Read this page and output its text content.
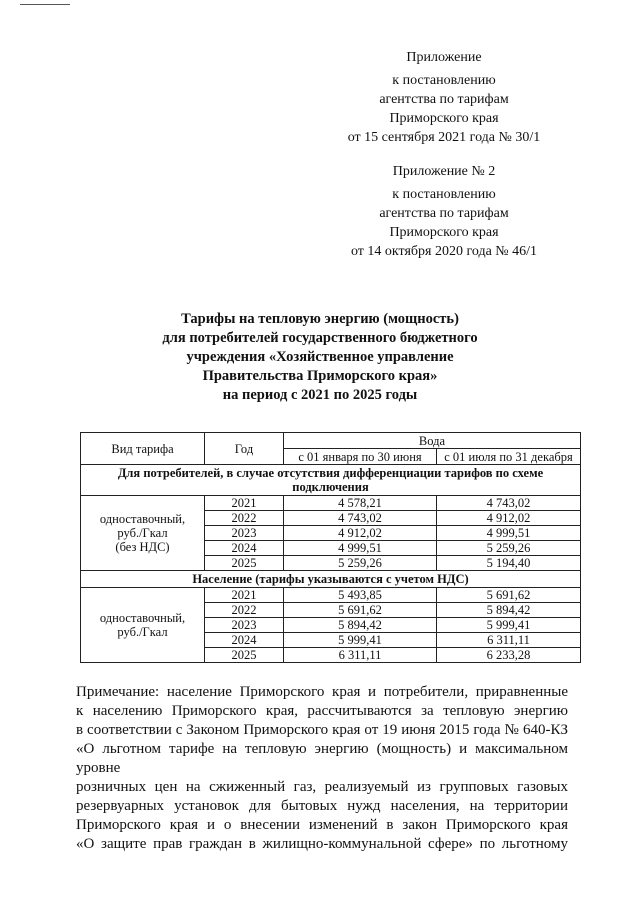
Приложение
к постановлению
агентства по тарифам
Приморского края
от 15 сентября 2021 года № 30/1
Приложение № 2
к постановлению
агентства по тарифам
Приморского края
от 14 октября 2020 года № 46/1
Тарифы на тепловую энергию (мощность)
для потребителей государственного бюджетного
учреждения «Хозяйственное управление
Правительства Приморского края»
на период с 2021 по 2025 годы
Вид тарифа	Год	Вода	
		с 01 января по 30 июня	с 01 июля по 31 декабря
Для потребителей, в случае отсутствия дифференциации тарифов по схеме подключения			

одноставочный,
руб./Гкал
(без НДС)	2021	4 578,21	4 743,02
	2022	4 743,02	4 912,02
	2023	4 912,02	4 999,51
	2024	4 999,51	5 259,26
	2025	5 259,26	5 194,40
Население (тарифы указываются с учетом НДС)			

одноставочный,
руб./Гкал	2021	5 493,85	5 691,62
	2022	5 691,62	5 894,42
	2023	5 894,42	5 999,41
	2024	5 999,41	6 311,11
	2025	6 311,11	6 233,28
Примечание: население Приморского края и потребители, приравненные
к населению Приморского края, рассчитываются за тепловую энергию
в соответствии с Законом Приморского края от 19 июня 2015 года № 640-КЗ
«О льготном тарифе на тепловую энергию (мощность) и максимальном уровне
розничных цен на сжиженный газ, реализуемый из групповых газовых
резервуарных установок для бытовых нужд населения, на территории
Приморского края и о внесении изменений в закон Приморского края
«О защите прав граждан в жилищно-коммунальной сфере» по льготному
